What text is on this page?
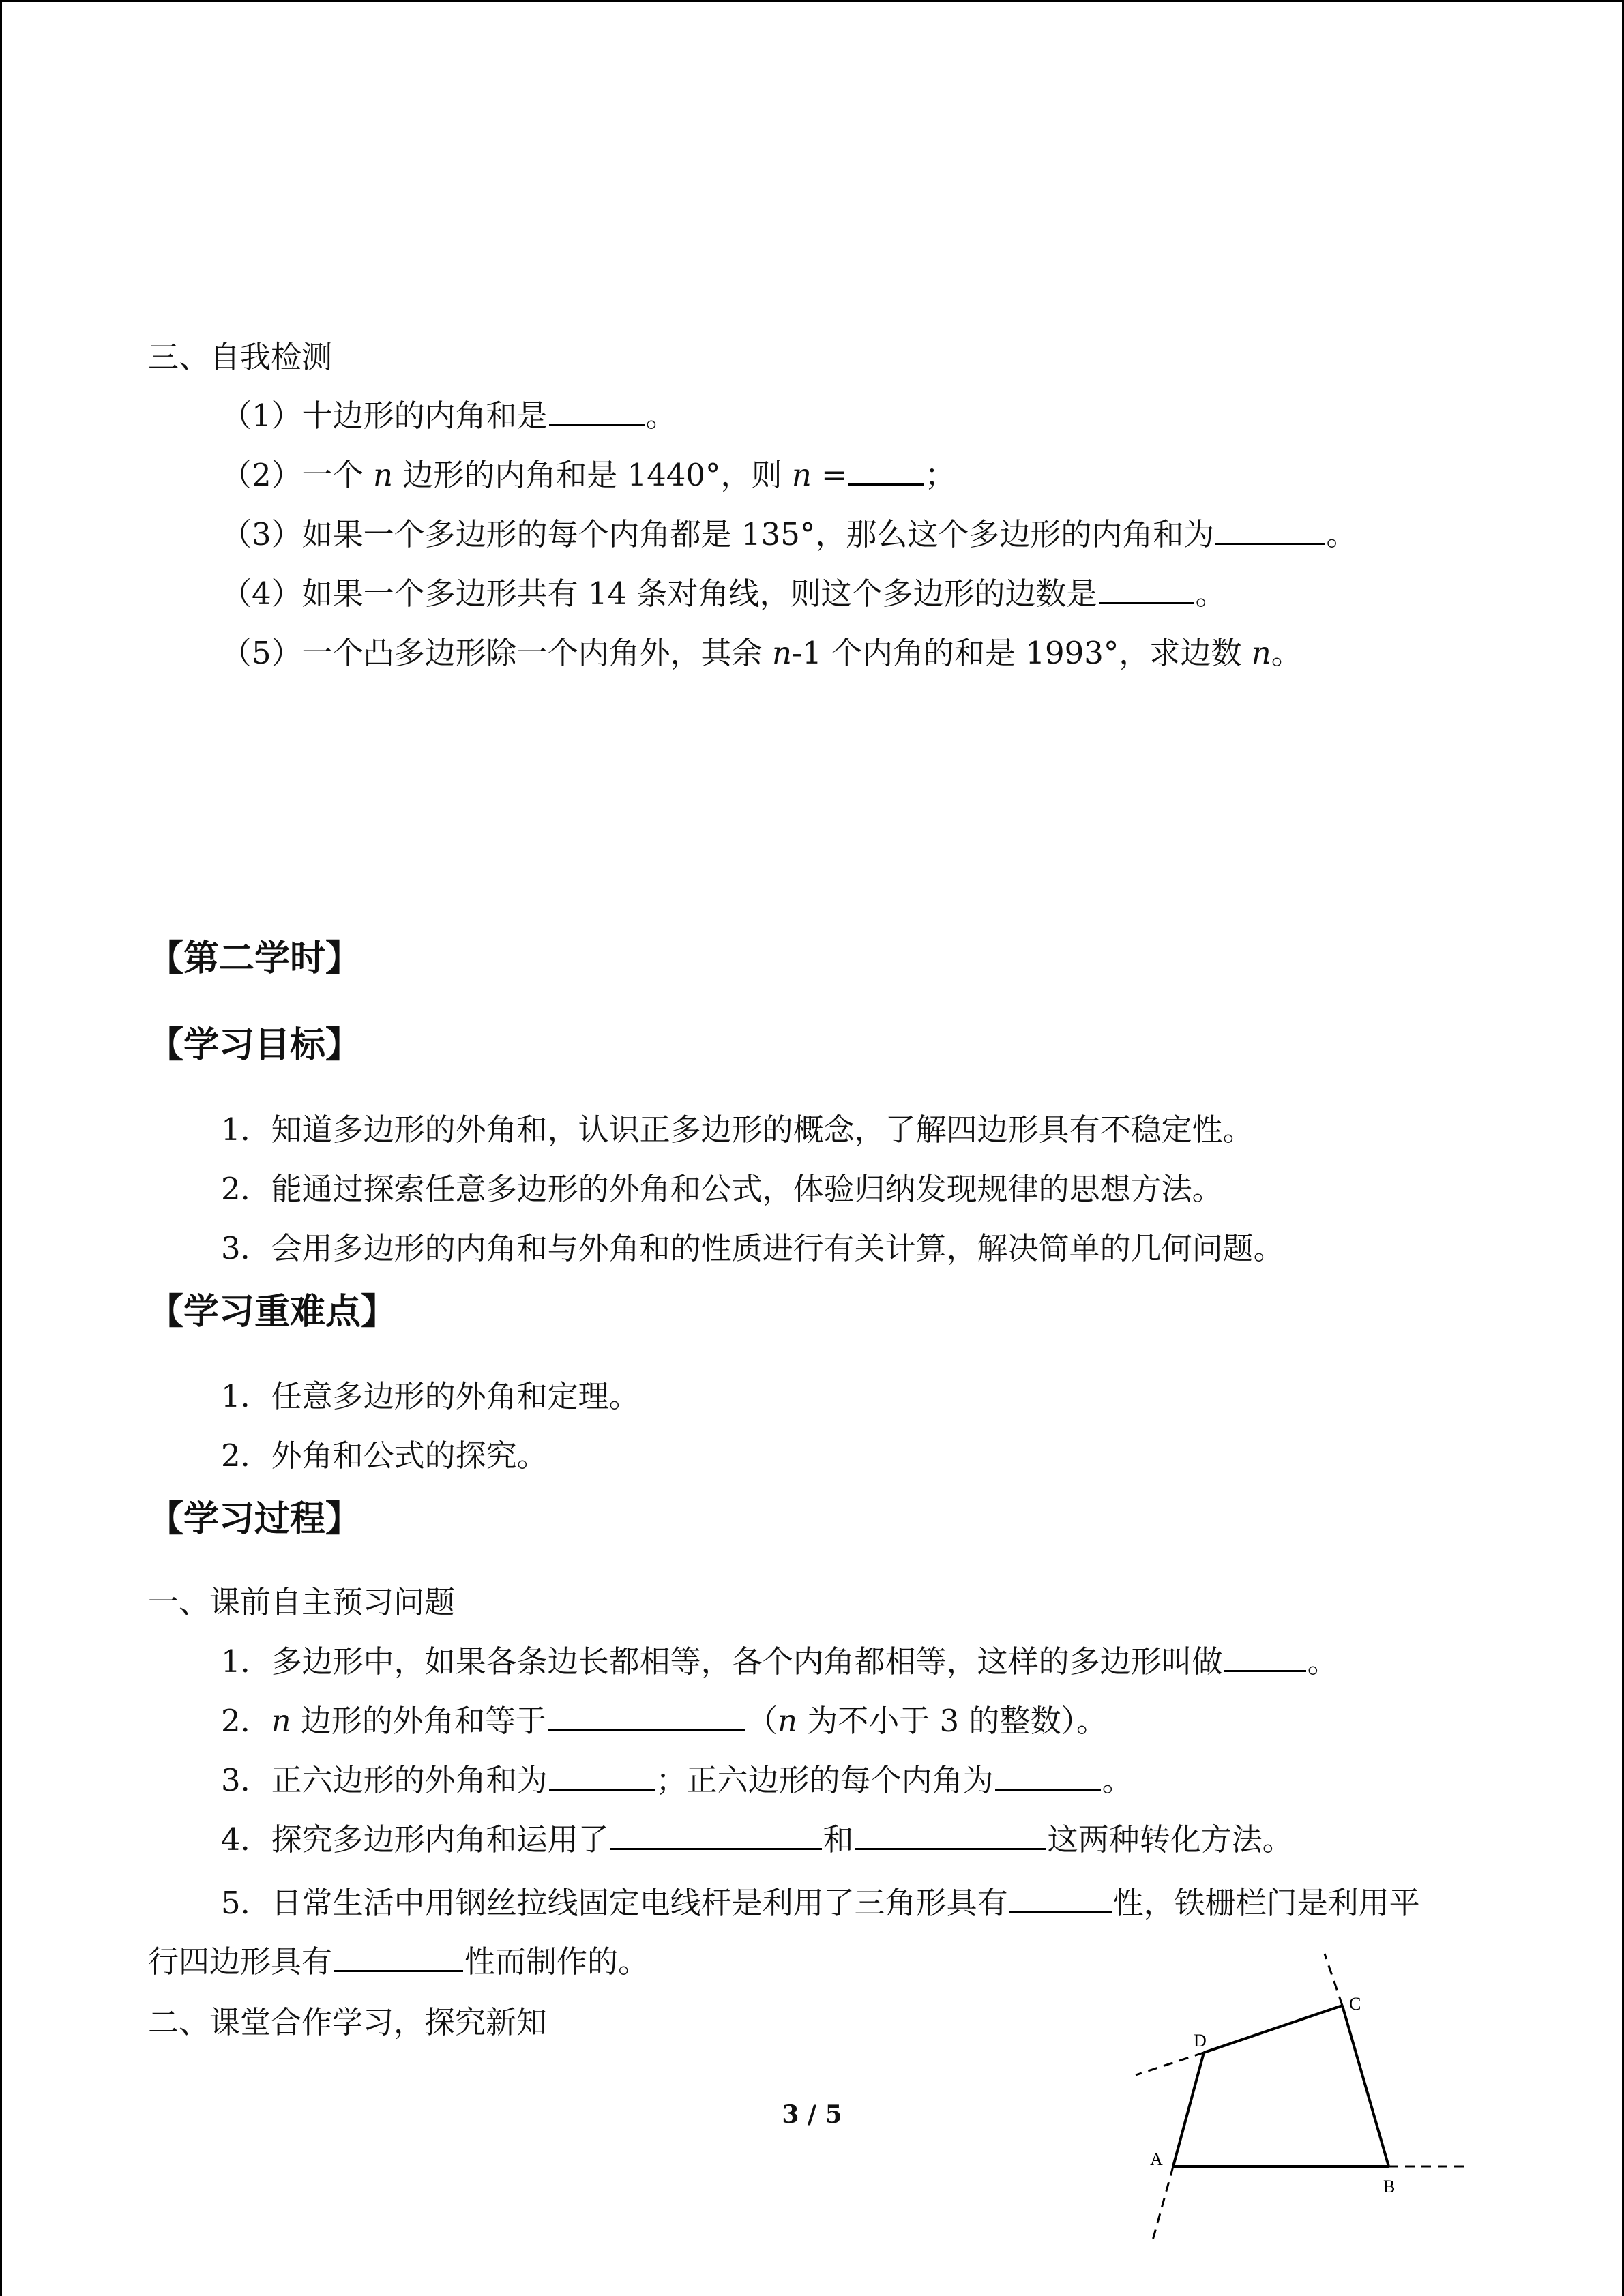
三、自我检测
（1）十边形的内角和是	。
（2）一个 n 边形的内角和是 1440°，则 n =	；
（3）如果一个多边形的每个内角都是 135°，那么这个多边形的内角和为	。
（4）如果一个多边形共有 14 条对角线，则这个多边形的边数是	。
（5）一个凸多边形除一个内角外，其余 n-1 个内角的和是 1993°，求边数 n。
【第二学时】
【学习目标】
1．知道多边形的外角和，认识正多边形的概念，了解四边形具有不稳定性。
2．能通过探索任意多边形的外角和公式，体验归纳发现规律的思想方法。
3．会用多边形的内角和与外角和的性质进行有关计算，解决简单的几何问题。
【学习重难点】
1．任意多边形的外角和定理。
2．外角和公式的探究。
【学习过程】
一、课前自主预习问题
1．多边形中，如果各条边长都相等，各个内角都相等，这样的多边形叫做	。
2．n 边形的外角和等于	（n 为不小于 3 的整数）。
3．正六边形的外角和为	；正六边形的每个内角为	。
4．探究多边形内角和运用了	和	这两种转化方法。
5．日常生活中用钢丝拉线固定电线杆是利用了三角形具有	性，铁栅栏门是利用平
行四边形具有	性而制作的。
二、课堂合作学习，探究新知
A
B
C
D
3 / 5
